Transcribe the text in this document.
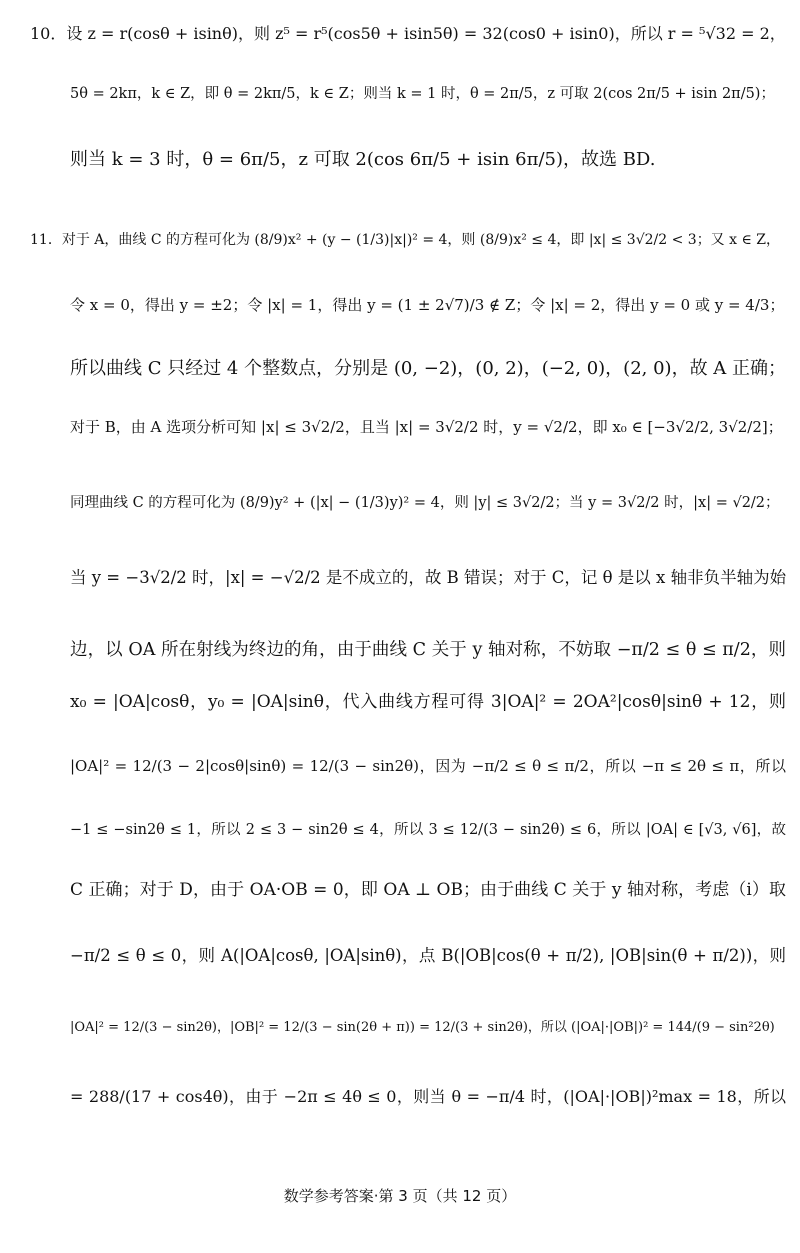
10．设 z = r(cosθ + isinθ)，则 z⁵ = r⁵(cos5θ + isin5θ) = 32(cos0 + isin0)，所以 r = ⁵√32 = 2，
5θ = 2kπ，k ∈ Z，即 θ = 2kπ/5，k ∈ Z；则当 k = 1 时，θ = 2π/5，z 可取 2(cos 2π/5 + isin 2π/5)；
则当 k = 3 时，θ = 6π/5，z 可取 2(cos 6π/5 + isin 6π/5)，故选 BD.
11．对于 A，曲线 C 的方程可化为 (8/9)x² + (y − (1/3)|x|)² = 4，则 (8/9)x² ≤ 4，即 |x| ≤ 3√2/2 < 3；又 x ∈ Z，
令 x = 0，得出 y = ±2；令 |x| = 1，得出 y = (1 ± 2√7)/3 ∉ Z；令 |x| = 2，得出 y = 0 或 y = 4/3；
所以曲线 C 只经过 4 个整数点，分别是 (0, −2)，(0, 2)，(−2, 0)，(2, 0)，故 A 正确；
对于 B，由 A 选项分析可知 |x| ≤ 3√2/2，且当 |x| = 3√2/2 时，y = √2/2，即 x₀ ∈ [−3√2/2, 3√2/2]；
同理曲线 C 的方程可化为 (8/9)y² + (|x| − (1/3)y)² = 4，则 |y| ≤ 3√2/2；当 y = 3√2/2 时，|x| = √2/2；
当 y = −3√2/2 时，|x| = −√2/2 是不成立的，故 B 错误；对于 C，记 θ 是以 x 轴非负半轴为始
边，以 OA 所在射线为终边的角，由于曲线 C 关于 y 轴对称，不妨取 −π/2 ≤ θ ≤ π/2，则
x₀ = |OA|cosθ，y₀ = |OA|sinθ，代入曲线方程可得 3|OA|² = 2OA²|cosθ|sinθ + 12，则
|OA|² = 12/(3 − 2|cosθ|sinθ) = 12/(3 − sin2θ)，因为 −π/2 ≤ θ ≤ π/2，所以 −π ≤ 2θ ≤ π，所以
−1 ≤ −sin2θ ≤ 1，所以 2 ≤ 3 − sin2θ ≤ 4，所以 3 ≤ 12/(3 − sin2θ) ≤ 6，所以 |OA| ∈ [√3, √6]，故
C 正确；对于 D，由于 OA·OB = 0，即 OA ⊥ OB；由于曲线 C 关于 y 轴对称，考虑（i）取
−π/2 ≤ θ ≤ 0，则 A(|OA|cosθ, |OA|sinθ)，点 B(|OB|cos(θ + π/2), |OB|sin(θ + π/2))，则
|OA|² = 12/(3 − sin2θ)，|OB|² = 12/(3 − sin(2θ + π)) = 12/(3 + sin2θ)，所以 (|OA|·|OB|)² = 144/(9 − sin²2θ)
= 288/(17 + cos4θ)，由于 −2π ≤ 4θ ≤ 0，则当 θ = −π/4 时，(|OA|·|OB|)²max = 18，所以
数学参考答案·第 3 页（共 12 页）
